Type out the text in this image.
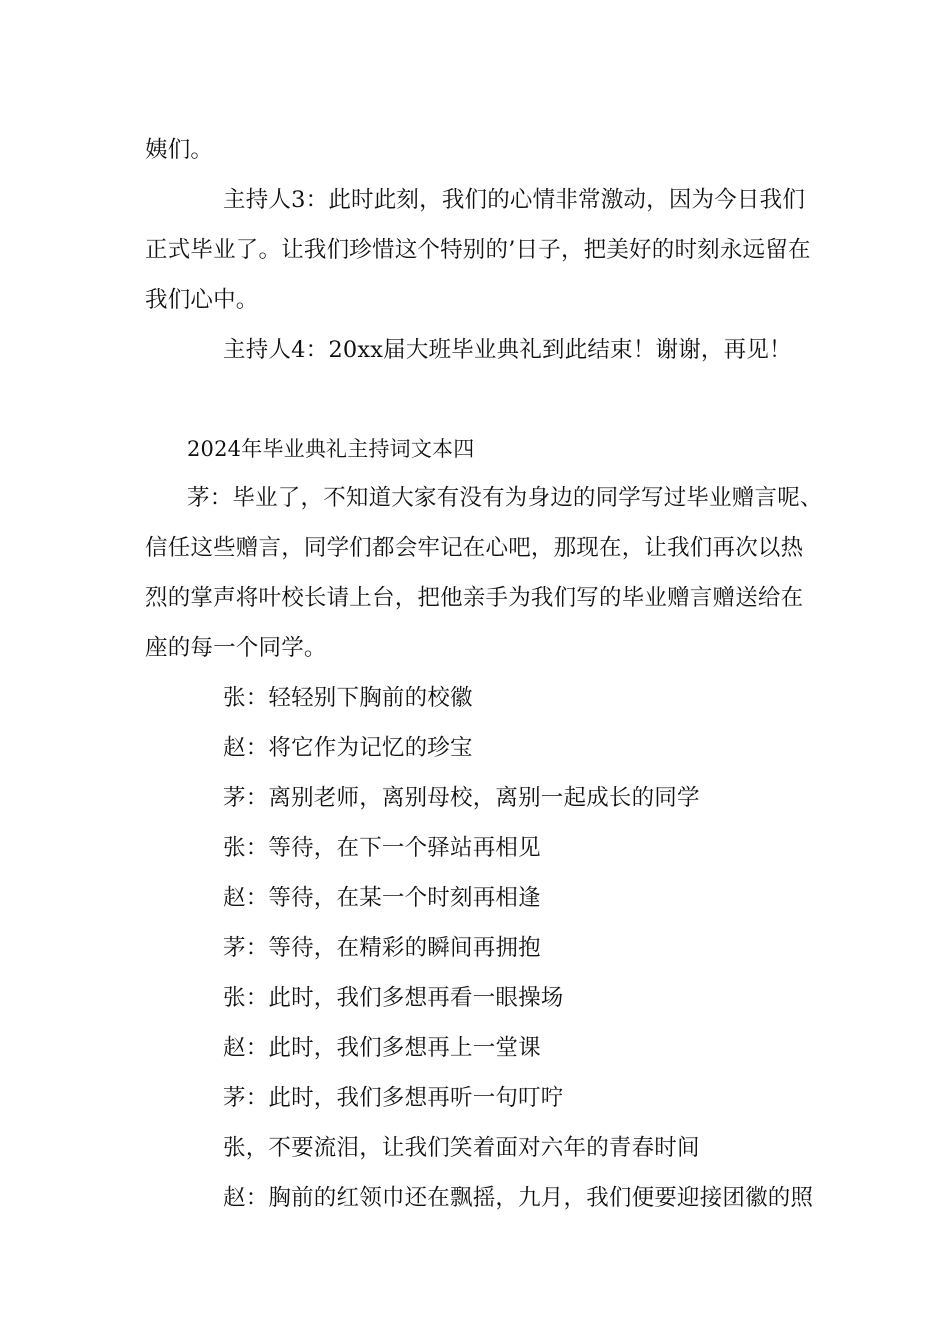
姨们。
主持人3：此时此刻，我们的心情非常激动，因为今日我们
正式毕业了。让我们珍惜这个特别的’日子，把美好的时刻永远留在
我们心中。
主持人4：20xx届大班毕业典礼到此结束！谢谢，再见！
2024年毕业典礼主持词文本四
茅：毕业了，不知道大家有没有为身边的同学写过毕业赠言呢、
信任这些赠言，同学们都会牢记在心吧，那现在，让我们再次以热
烈的掌声将叶校长请上台，把他亲手为我们写的毕业赠言赠送给在
座的每一个同学。
张：轻轻别下胸前的校徽
赵：将它作为记忆的珍宝
茅：离别老师，离别母校，离别一起成长的同学
张：等待，在下一个驿站再相见
赵：等待，在某一个时刻再相逢
茅：等待，在精彩的瞬间再拥抱
张：此时，我们多想再看一眼操场
赵：此时，我们多想再上一堂课
茅：此时，我们多想再听一句叮咛
张，不要流泪，让我们笑着面对六年的青春时间
赵：胸前的红领巾还在飘摇，九月，我们便要迎接团徽的照
